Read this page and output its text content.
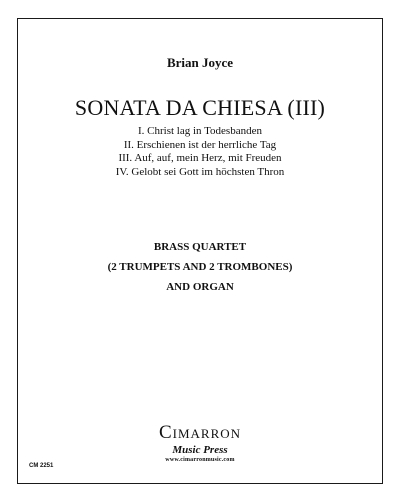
Brian Joyce
SONATA DA CHIESA (III)
I. Christ lag in Todesbanden
II. Erschienen ist der herrliche Tag
III. Auf, auf, mein Herz, mit Freuden
IV. Gelobt sei Gott im höchsten Thron
BRASS QUARTET
(2 TRUMPETS AND 2 TROMBONES)
AND ORGAN
Cimarron
Music Press
www.cimarronmusic.com
CM 2251
